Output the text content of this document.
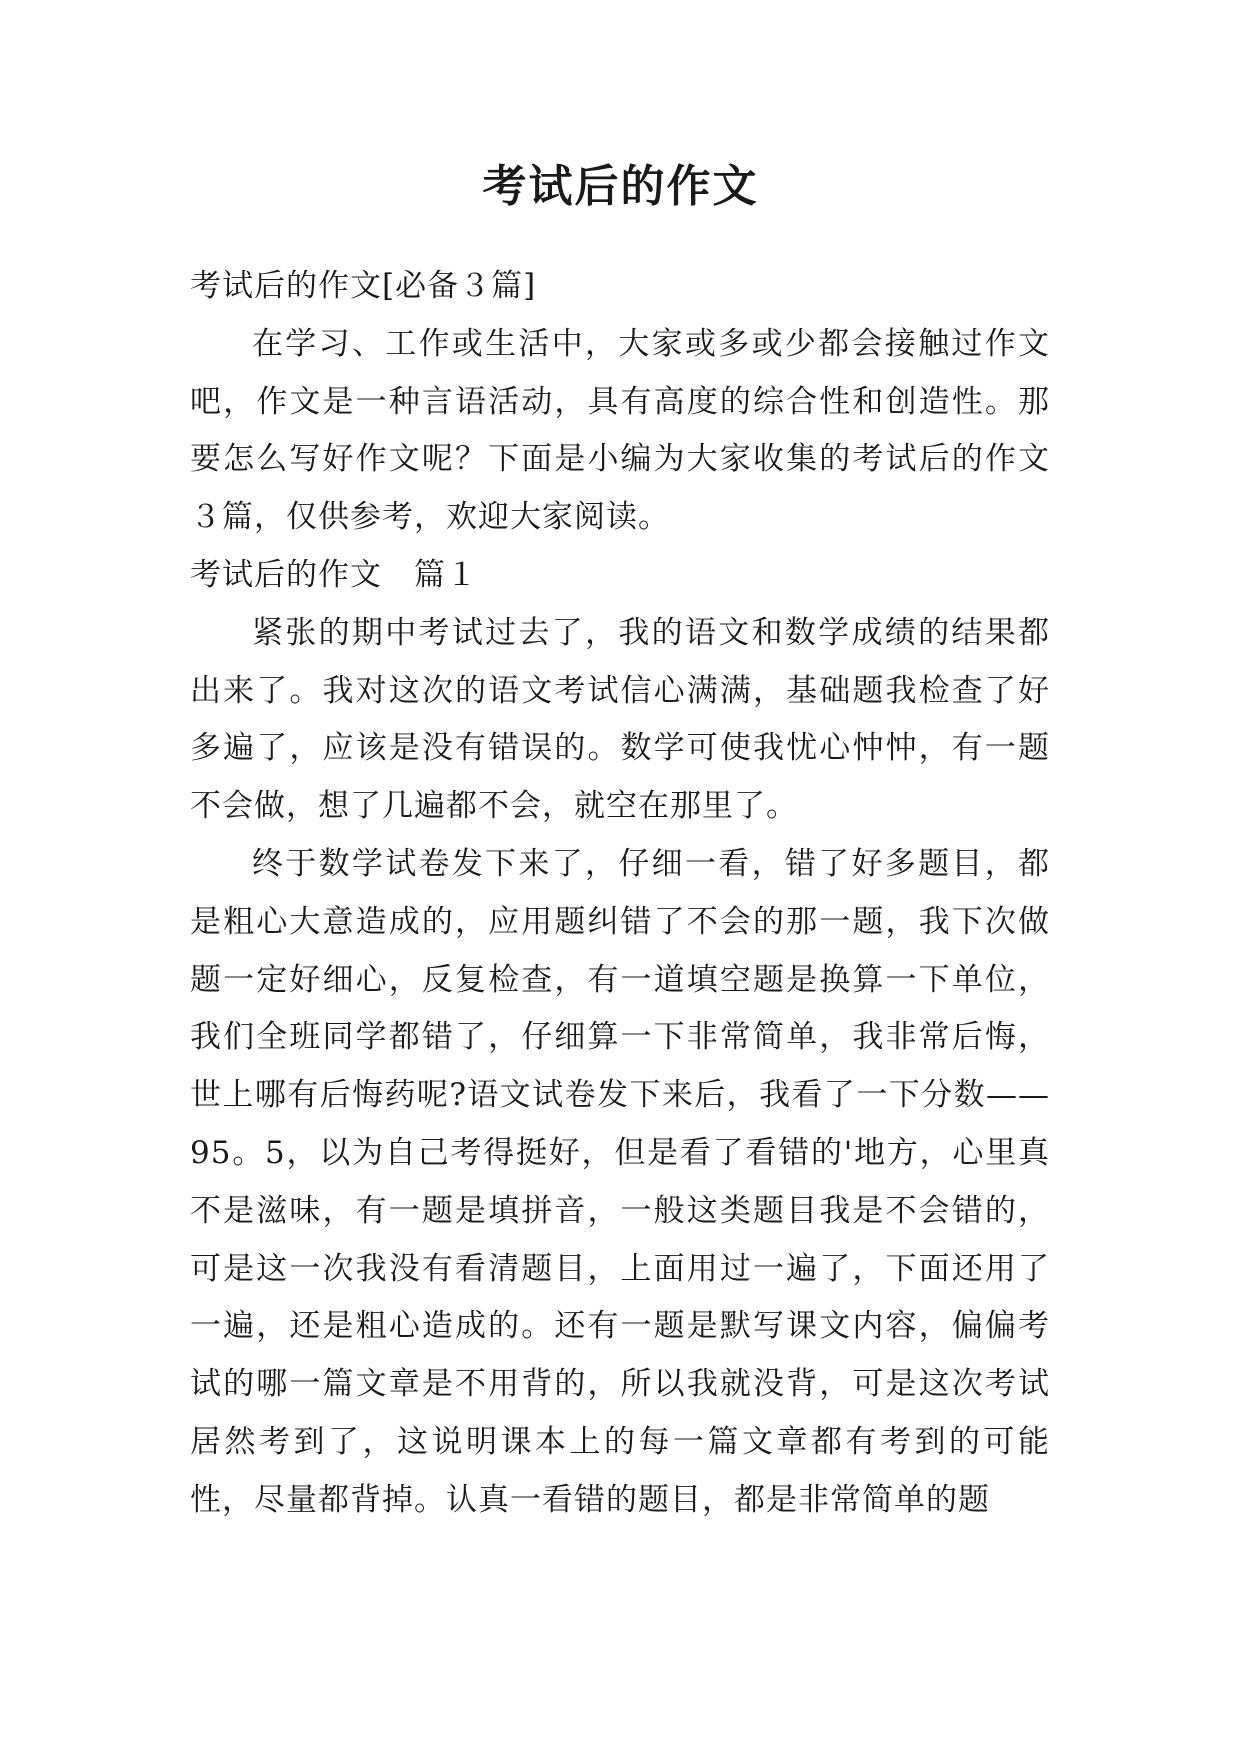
考试后的作文

考试后的作文[必备３篇]

在学习、工作或生活中，大家或多或少都会接触过作文吧，作文是一种言语活动，具有高度的综合性和创造性。那要怎么写好作文呢？下面是小编为大家收集的考试后的作文３篇，仅供参考，欢迎大家阅读。

考试后的作文　篇１

紧张的期中考试过去了，我的语文和数学成绩的结果都出来了。我对这次的语文考试信心满满，基础题我检查了好多遍了，应该是没有错误的。数学可使我忧心忡忡，有一题不会做，想了几遍都不会，就空在那里了。

终于数学试卷发下来了，仔细一看，错了好多题目，都是粗心大意造成的，应用题纠错了不会的那一题，我下次做题一定好细心，反复检查，有一道填空题是换算一下单位，我们全班同学都错了，仔细算一下非常简单，我非常后悔，世上哪有后悔药呢?语文试卷发下来后，我看了一下分数——95。5，以为自己考得挺好，但是看了看错的'地方，心里真不是滋味，有一题是填拼音，一般这类题目我是不会错的，可是这一次我没有看清题目，上面用过一遍了，下面还用了一遍，还是粗心造成的。还有一题是默写课文内容，偏偏考试的哪一篇文章是不用背的，所以我就没背，可是这次考试居然考到了，这说明课本上的每一篇文章都有考到的可能性，尽量都背掉。认真一看错的题目，都是非常简单的题
